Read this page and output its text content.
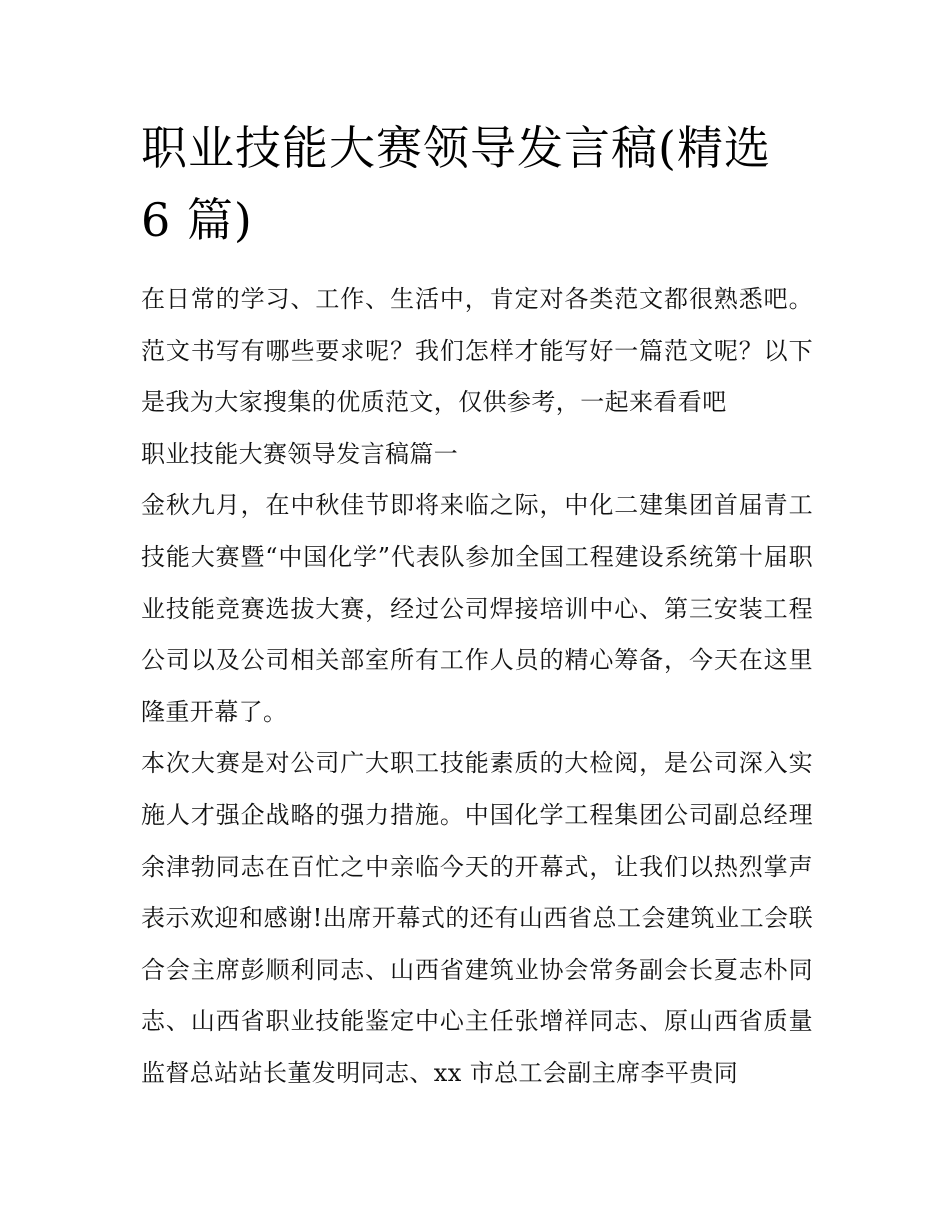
职业技能大赛领导发言稿(精选 6 篇)

在日常的学习、工作、生活中，肯定对各类范文都很熟悉吧。范文书写有哪些要求呢？我们怎样才能写好一篇范文呢？以下是我为大家搜集的优质范文，仅供参考，一起来看看吧

职业技能大赛领导发言稿篇一

金秋九月，在中秋佳节即将来临之际，中化二建集团首届青工技能大赛暨“中国化学”代表队参加全国工程建设系统第十届职业技能竞赛选拔大赛，经过公司焊接培训中心、第三安装工程公司以及公司相关部室所有工作人员的精心筹备，今天在这里隆重开幕了。

本次大赛是对公司广大职工技能素质的大检阅，是公司深入实施人才强企战略的强力措施。中国化学工程集团公司副总经理余津勃同志在百忙之中亲临今天的开幕式，让我们以热烈掌声表示欢迎和感谢!出席开幕式的还有山西省总工会建筑业工会联合会主席彭顺利同志、山西省建筑业协会常务副会长夏志朴同志、山西省职业技能鉴定中心主任张增祥同志、原山西省质量监督总站站长董发明同志、xx 市总工会副主席李平贵同
